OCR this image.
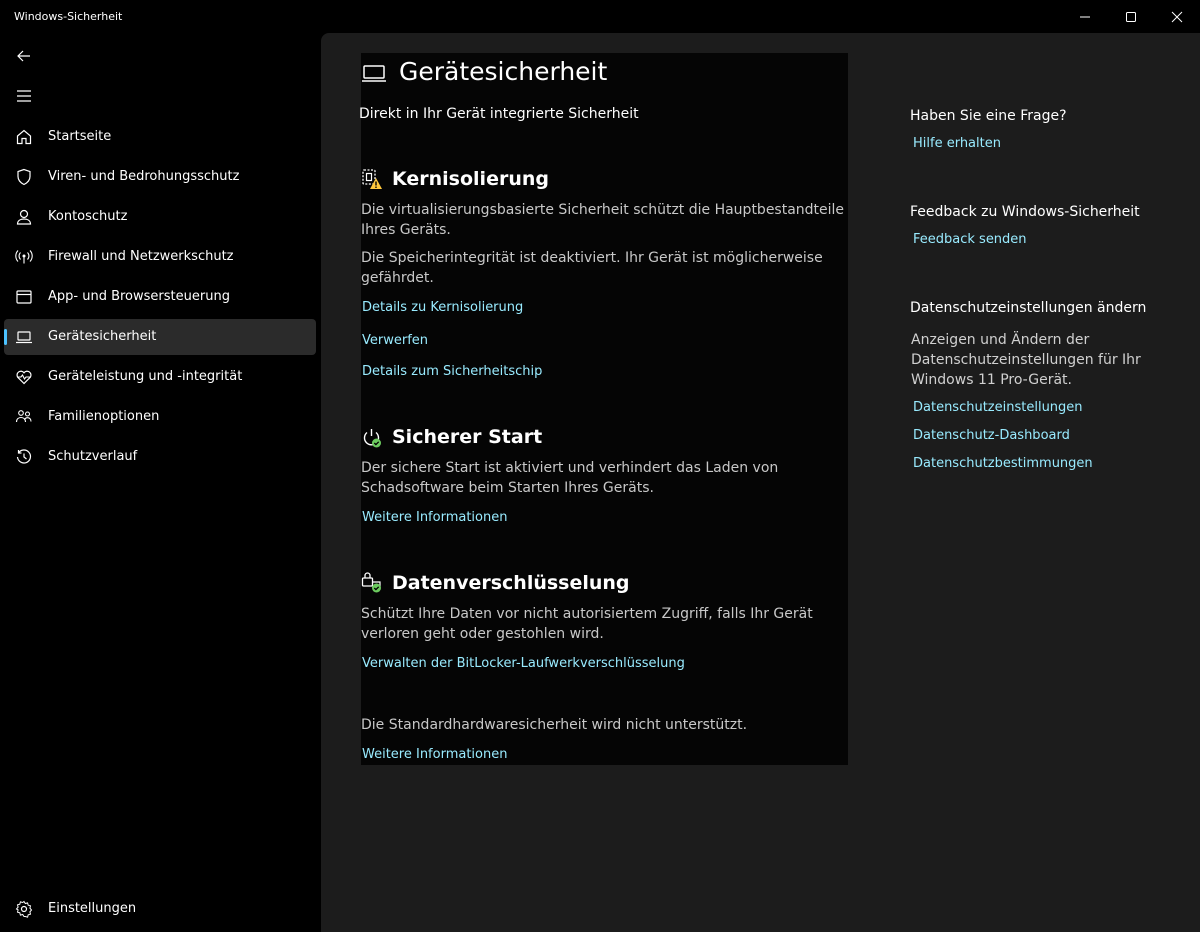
Windows-Sicherheit
Startseite
Viren- und Bedrohungsschutz
Kontoschutz
Firewall und Netzwerkschutz
App- und Browsersteuerung
Gerätesicherheit
Geräteleistung und -integrität
Familienoptionen
Schutzverlauf
Einstellungen
Gerätesicherheit
Direkt in Ihr Gerät integrierte Sicherheit
Kernisolierung
Die virtualisierungsbasierte Sicherheit schützt die Hauptbestandteile Ihres Geräts.
Die Speicherintegrität ist deaktiviert. Ihr Gerät ist möglicherweise gefährdet.
Details zu Kernisolierung
Verwerfen
Details zum Sicherheitschip
Sicherer Start
Der sichere Start ist aktiviert und verhindert das Laden von Schadsoftware beim Starten Ihres Geräts.
Weitere Informationen
Datenverschlüsselung
Schützt Ihre Daten vor nicht autorisiertem Zugriff, falls Ihr Gerät verloren geht oder gestohlen wird.
Verwalten der BitLocker-Laufwerkverschlüsselung
Die Standardhardwaresicherheit wird nicht unterstützt.
Weitere Informationen
Haben Sie eine Frage?
Hilfe erhalten
Feedback zu Windows-Sicherheit
Feedback senden
Datenschutzeinstellungen ändern
Anzeigen und Ändern der Datenschutzeinstellungen für Ihr Windows 11 Pro-Gerät.
Datenschutzeinstellungen
Datenschutz-Dashboard
Datenschutzbestimmungen
